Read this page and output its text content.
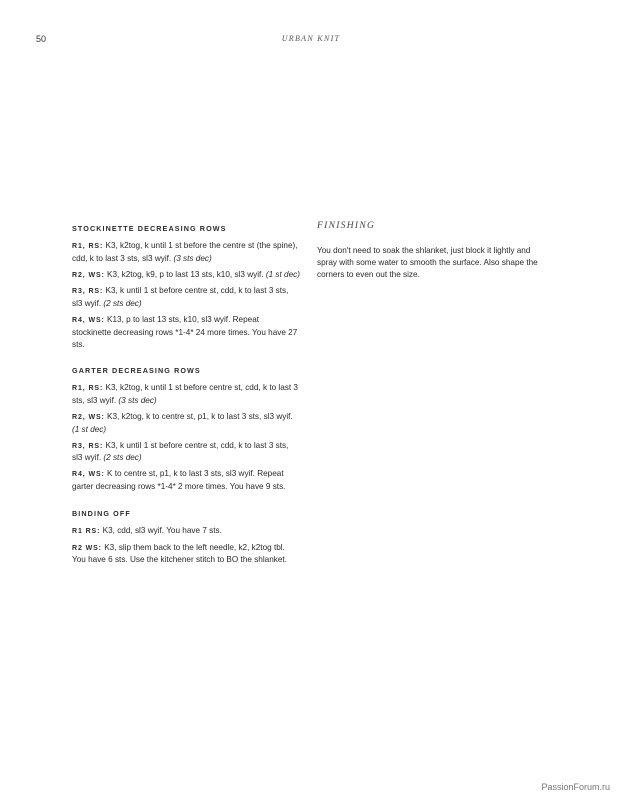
50	URBAN KNIT
STOCKINETTE DECREASING ROWS

R1, RS: K3, k2tog, k until 1 st before the centre st (the spine), cdd, k to last 3 sts, sl3 wyif. (3 sts dec)

R2, WS: K3, k2tog, k9, p to last 13 sts, k10, sl3 wyif. (1 st dec)

R3, RS: K3, k until 1 st before centre st, cdd, k to last 3 sts, sl3 wyif. (2 sts dec)

R4, WS: K13, p to last 13 sts, k10, sl3 wyif. Repeat stockinette decreasing rows *1-4* 24 more times. You have 27 sts.

GARTER DECREASING ROWS

R1, RS: K3, k2tog, k until 1 st before centre st, cdd, k to last 3 sts, sl3 wyif. (3 sts dec)

R2, WS: K3, k2tog, k to centre st, p1, k to last 3 sts, sl3 wyif. (1 st dec)

R3, RS: K3, k until 1 st before centre st, cdd, k to last 3 sts, sl3 wyif. (2 sts dec)

R4, WS: K to centre st, p1, k to last 3 sts, sl3 wyif. Repeat garter decreasing rows *1-4* 2 more times. You have 9 sts.

BINDING OFF

R1 RS: K3, cdd, sl3 wyif. You have 7 sts.

R2 WS: K3, slip them back to the left needle, k2, k2tog tbl. You have 6 sts. Use the kitchener stitch to BO the shlanket.

FINISHING

You don't need to soak the shlanket, just block it lightly and spray with some water to smooth the surface. Also shape the corners to even out the size.

PassionForum.ru
